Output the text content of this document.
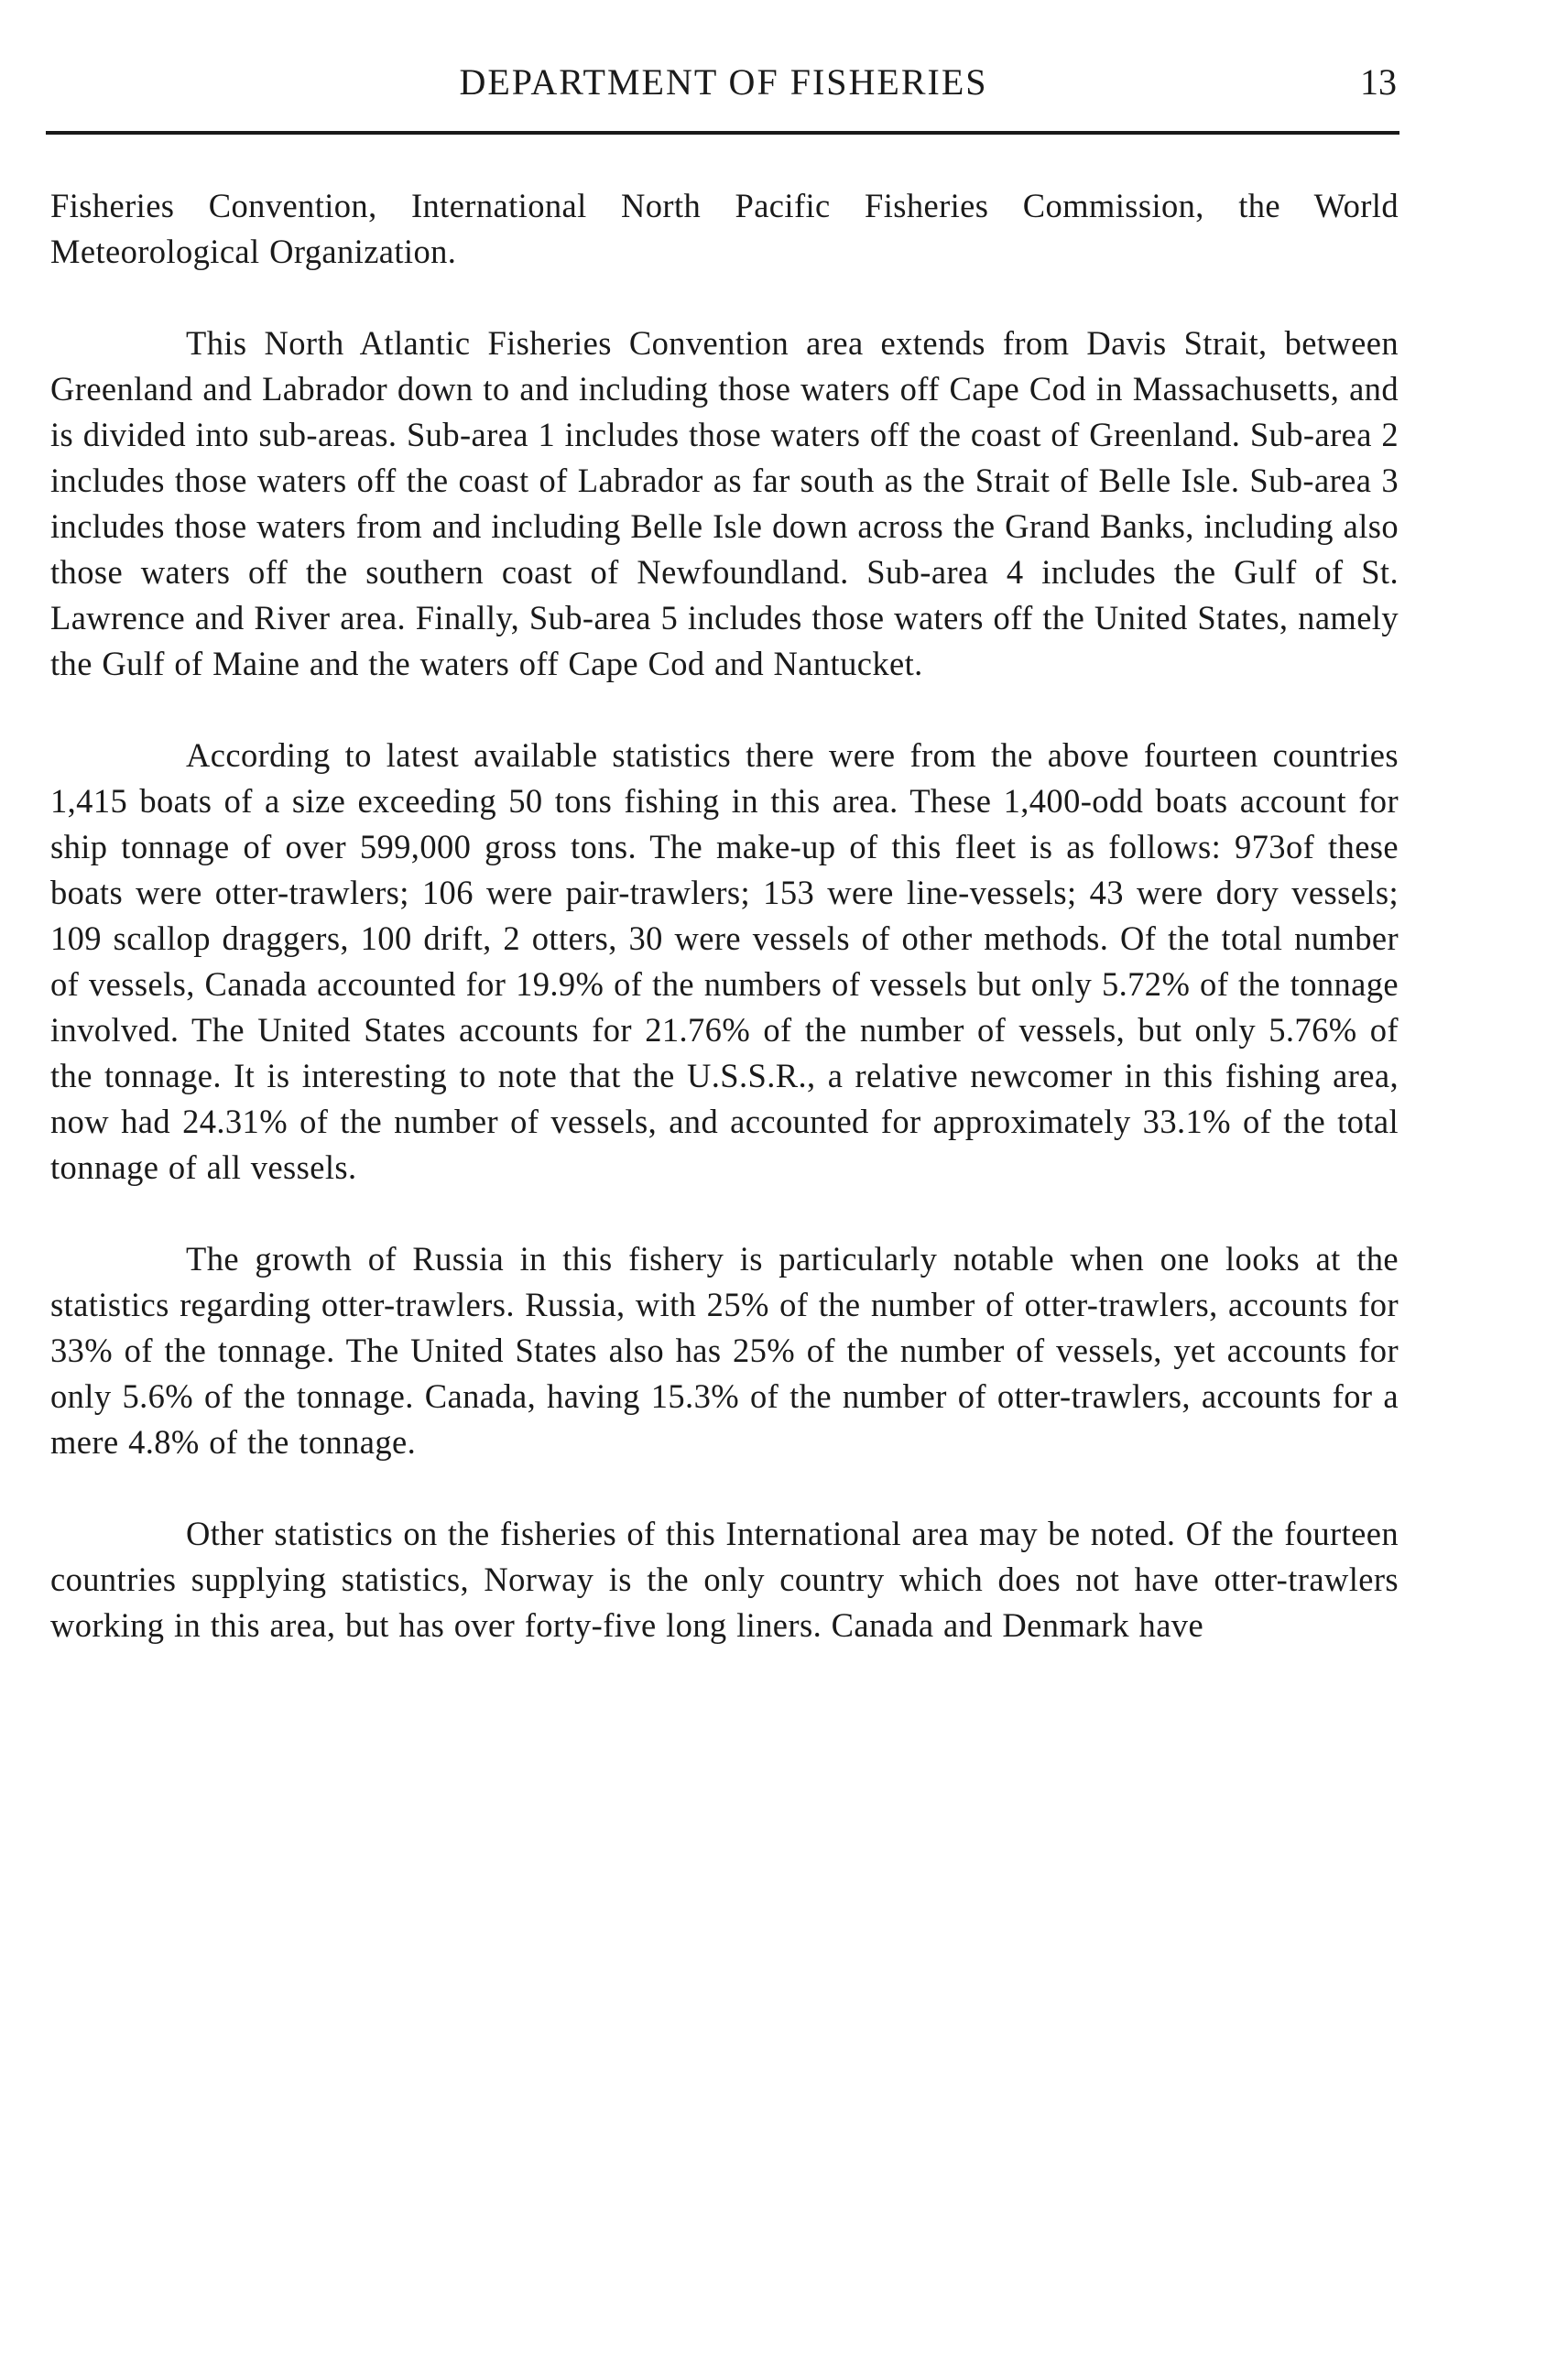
DEPARTMENT OF FISHERIES	13

Fisheries Convention, International North Pacific Fisheries Commission, the World Meteorological Organization.

This North Atlantic Fisheries Convention area extends from Davis Strait, between Greenland and Labrador down to and including those waters off Cape Cod in Massachusetts, and is divided into sub-areas. Sub-area 1 includes those waters off the coast of Greenland. Sub-area 2 includes those waters off the coast of Labrador as far south as the Strait of Belle Isle. Sub-area 3 includes those waters from and including Belle Isle down across the Grand Banks, including also those waters off the southern coast of Newfoundland. Sub-area 4 includes the Gulf of St. Lawrence and River area. Finally, Sub-area 5 includes those waters off the United States, namely the Gulf of Maine and the waters off Cape Cod and Nantucket.

According to latest available statistics there were from the above fourteen countries 1,415 boats of a size exceeding 50 tons fishing in this area. These 1,400-odd boats account for ship tonnage of over 599,000 gross tons. The make-up of this fleet is as follows: 973of these boats were otter-trawlers; 106 were pair-trawlers; 153 were line-vessels; 43 were dory vessels; 109 scallop draggers, 100 drift, 2 otters, 30 were vessels of other methods. Of the total number of vessels, Canada accounted for 19.9% of the numbers of vessels but only 5.72% of the tonnage involved. The United States accounts for 21.76% of the number of vessels, but only 5.76% of the tonnage. It is interesting to note that the U.S.S.R., a relative newcomer in this fishing area, now had 24.31% of the number of vessels, and accounted for approximately 33.1% of the total tonnage of all vessels.

The growth of Russia in this fishery is particularly notable when one looks at the statistics regarding otter-trawlers. Russia, with 25% of the number of otter-trawlers, accounts for 33% of the tonnage. The United States also has 25% of the number of vessels, yet accounts for only 5.6% of the tonnage. Canada, having 15.3% of the number of otter-trawlers, accounts for a mere 4.8% of the tonnage.

Other statistics on the fisheries of this International area may be noted. Of the fourteen countries supplying statistics, Norway is the only country which does not have otter-trawlers working in this area, but has over forty-five long liners. Canada and Denmark have
